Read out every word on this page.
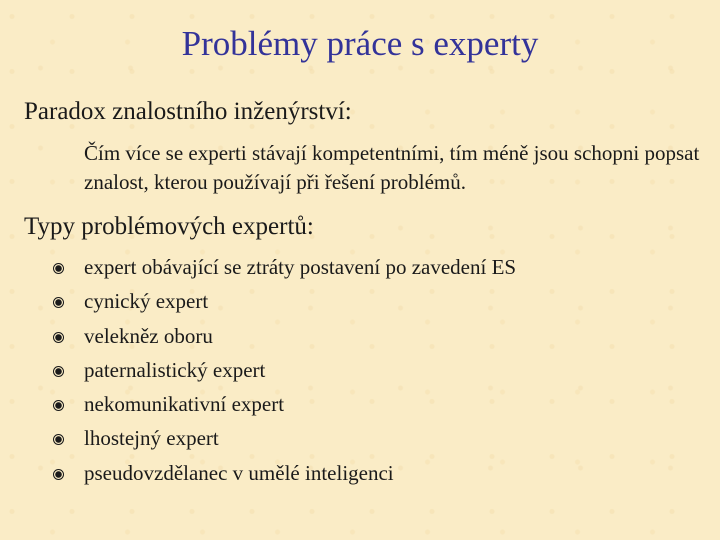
Problémy práce s experty
Paradox znalostního inženýrství:
Čím více se experti stávají kompetentními, tím méně jsou schopni popsat znalost, kterou používají při řešení problémů.
Typy problémových expertů:
expert obávající se ztráty postavení po zavedení ES
cynický expert
velekněz oboru
paternalistický expert
nekomunikativní expert
lhostejný expert
pseudovzdělanec v umělé inteligenci
